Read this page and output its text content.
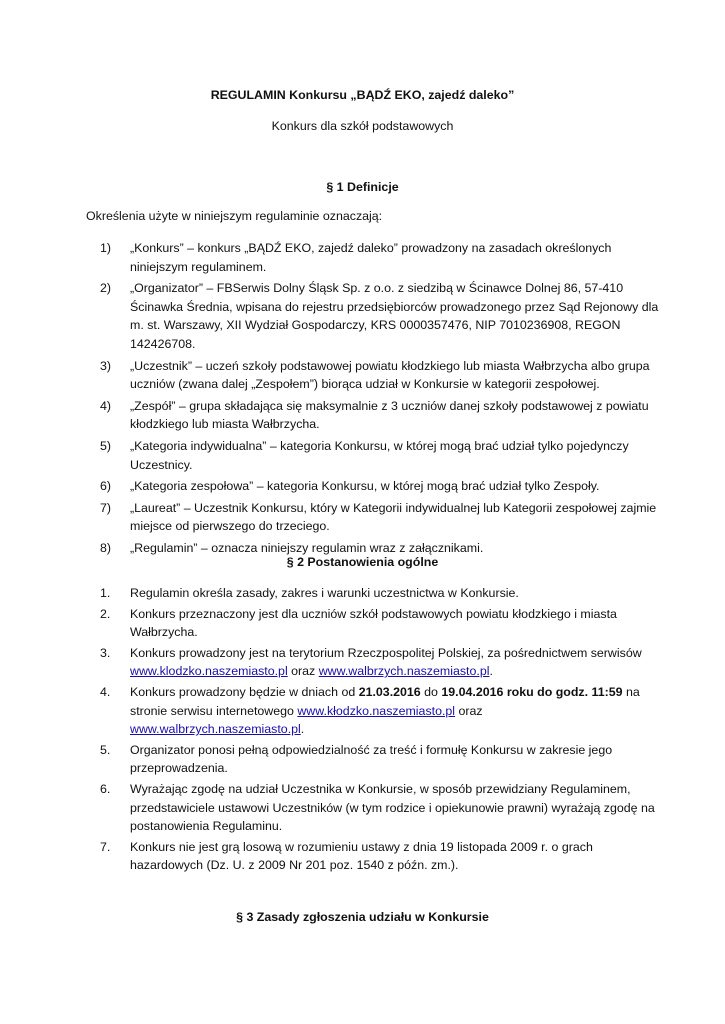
REGULAMIN Konkursu „BĄDŹ EKO, zajedź daleko”
Konkurs dla szkół podstawowych
§ 1 Definicje
Określenia użyte w niniejszym regulaminie oznaczają:
1) „Konkurs” – konkurs „BĄDŹ EKO, zajedź daleko” prowadzony na zasadach określonych niniejszym regulaminem.
2) „Organizator” – FBSerwis Dolny Śląsk Sp. z o.o. z siedzibą w Ścinawce Dolnej 86, 57-410 Ścinawka Średnia, wpisana do rejestru przedsiębiorców prowadzonego przez Sąd Rejonowy dla m. st. Warszawy, XII Wydział Gospodarczy, KRS 0000357476, NIP 7010236908, REGON 142426708.
3) „Uczestnik” – uczeń szkoły podstawowej powiatu kłodzkiego lub miasta Wałbrzycha albo grupa uczniów (zwana dalej „Zespołem”) biorąca udział w Konkursie w kategorii zespołowej.
4) „Zespół” – grupa składająca się maksymalnie z 3 uczniów danej szkoły podstawowej z powiatu kłodzkiego lub miasta Wałbrzycha.
5) „Kategoria indywidualna” – kategoria Konkursu, w której mogą brać udział tylko pojedynczy Uczestnicy.
6) „Kategoria zespołowa” – kategoria Konkursu, w której mogą brać udział tylko Zespoły.
7) „Laureat” – Uczestnik Konkursu, który w Kategorii indywidualnej lub Kategorii zespołowej zajmie miejsce od pierwszego do trzeciego.
8) „Regulamin” – oznacza niniejszy regulamin wraz z załącznikami.
§ 2 Postanowienia ogólne
1. Regulamin określa zasady, zakres i warunki uczestnictwa w Konkursie.
2. Konkurs przeznaczony jest dla uczniów szkół podstawowych powiatu kłodzkiego i miasta Wałbrzycha.
3. Konkurs prowadzony jest na terytorium Rzeczpospolitej Polskiej, za pośrednictwem serwisów www.klodzko.naszemiasto.pl oraz www.walbrzych.naszemiasto.pl.
4. Konkurs prowadzony będzie w dniach od 21.03.2016 do 19.04.2016 roku do godz. 11:59 na stronie serwisu internetowego www.kłodzko.naszemiasto.pl oraz
www.walbrzych.naszemiasto.pl.
5. Organizator ponosi pełną odpowiedzialność za treść i formułę Konkursu w zakresie jego przeprowadzenia.
6. Wyrażając zgodę na udział Uczestnika w Konkursie, w sposób przewidziany Regulaminem, przedstawiciele ustawowi Uczestników (w tym rodzice i opiekunowie prawni) wyrażają zgodę na postanowienia Regulaminu.
7. Konkurs nie jest grą losową w rozumieniu ustawy z dnia 19 listopada 2009 r. o grach hazardowych (Dz. U. z 2009 Nr 201 poz. 1540 z późn. zm.).
§ 3 Zasady zgłoszenia udziału w Konkursie
